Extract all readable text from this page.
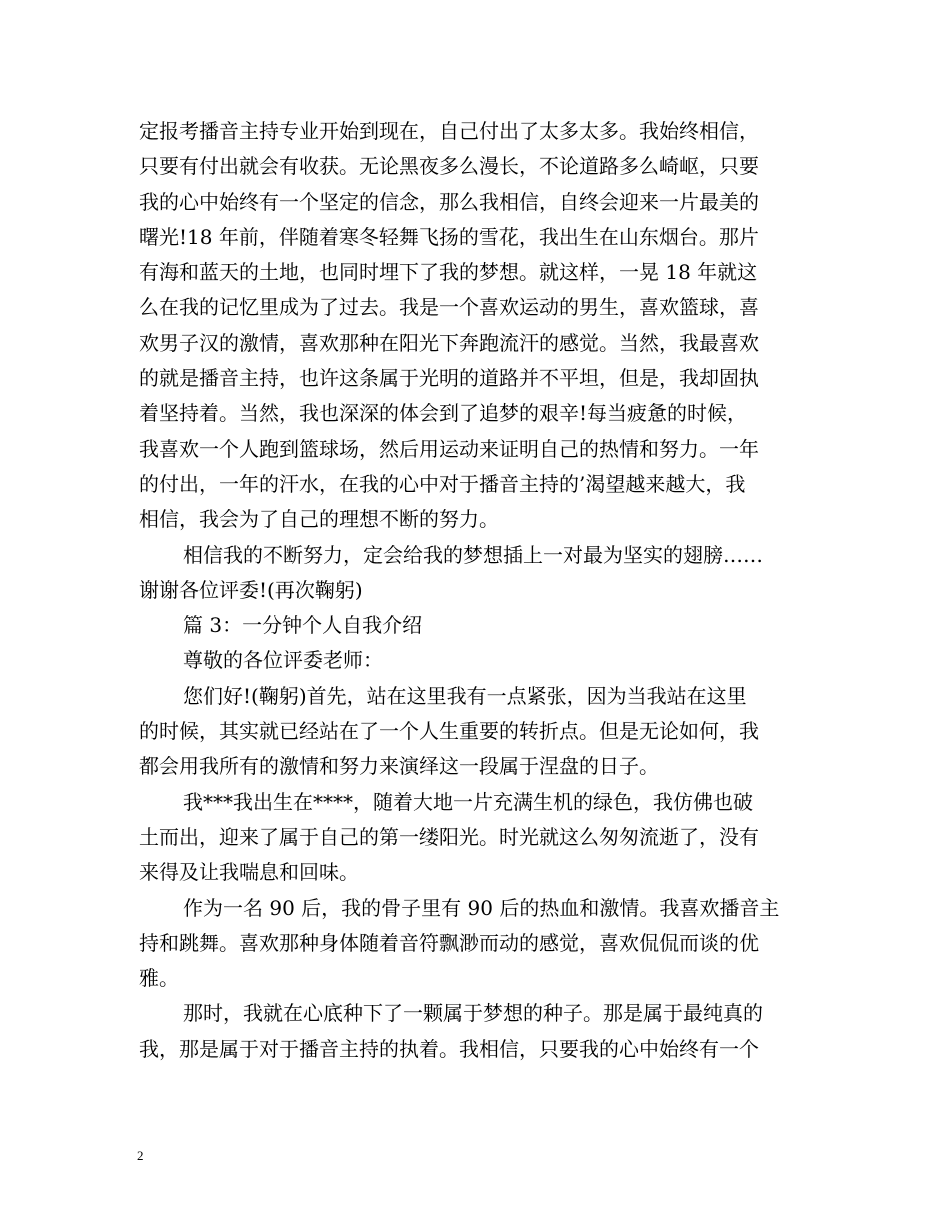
定报考播音主持专业开始到现在，自己付出了太多太多。我始终相信，
只要有付出就会有收获。无论黑夜多么漫长，不论道路多么崎岖，只要
我的心中始终有一个坚定的信念，那么我相信，自终会迎来一片最美的
曙光!18 年前，伴随着寒冬轻舞飞扬的雪花，我出生在山东烟台。那片
有海和蓝天的土地，也同时埋下了我的梦想。就这样，一晃 18 年就这
么在我的记忆里成为了过去。我是一个喜欢运动的男生，喜欢篮球，喜
欢男子汉的激情，喜欢那种在阳光下奔跑流汗的感觉。当然，我最喜欢
的就是播音主持，也许这条属于光明的道路并不平坦，但是，我却固执
着坚持着。当然，我也深深的体会到了追梦的艰辛!每当疲惫的时候，
我喜欢一个人跑到篮球场，然后用运动来证明自己的热情和努力。一年
的付出，一年的汗水，在我的心中对于播音主持的’渴望越来越大，我
相信，我会为了自己的理想不断的努力。
相信我的不断努力，定会给我的梦想插上一对最为坚实的翅膀……
谢谢各位评委!(再次鞠躬)
篇 3：一分钟个人自我介绍
尊敬的各位评委老师：
您们好!(鞠躬)首先，站在这里我有一点紧张，因为当我站在这里
的时候，其实就已经站在了一个人生重要的转折点。但是无论如何，我
都会用我所有的激情和努力来演绎这一段属于涅盘的日子。
我***我出生在****，随着大地一片充满生机的绿色，我仿佛也破
土而出，迎来了属于自己的第一缕阳光。时光就这么匆匆流逝了，没有
来得及让我喘息和回味。
作为一名 90 后，我的骨子里有 90 后的热血和激情。我喜欢播音主
持和跳舞。喜欢那种身体随着音符飘渺而动的感觉，喜欢侃侃而谈的优
雅。
那时，我就在心底种下了一颗属于梦想的种子。那是属于最纯真的
我，那是属于对于播音主持的执着。我相信，只要我的心中始终有一个
2
